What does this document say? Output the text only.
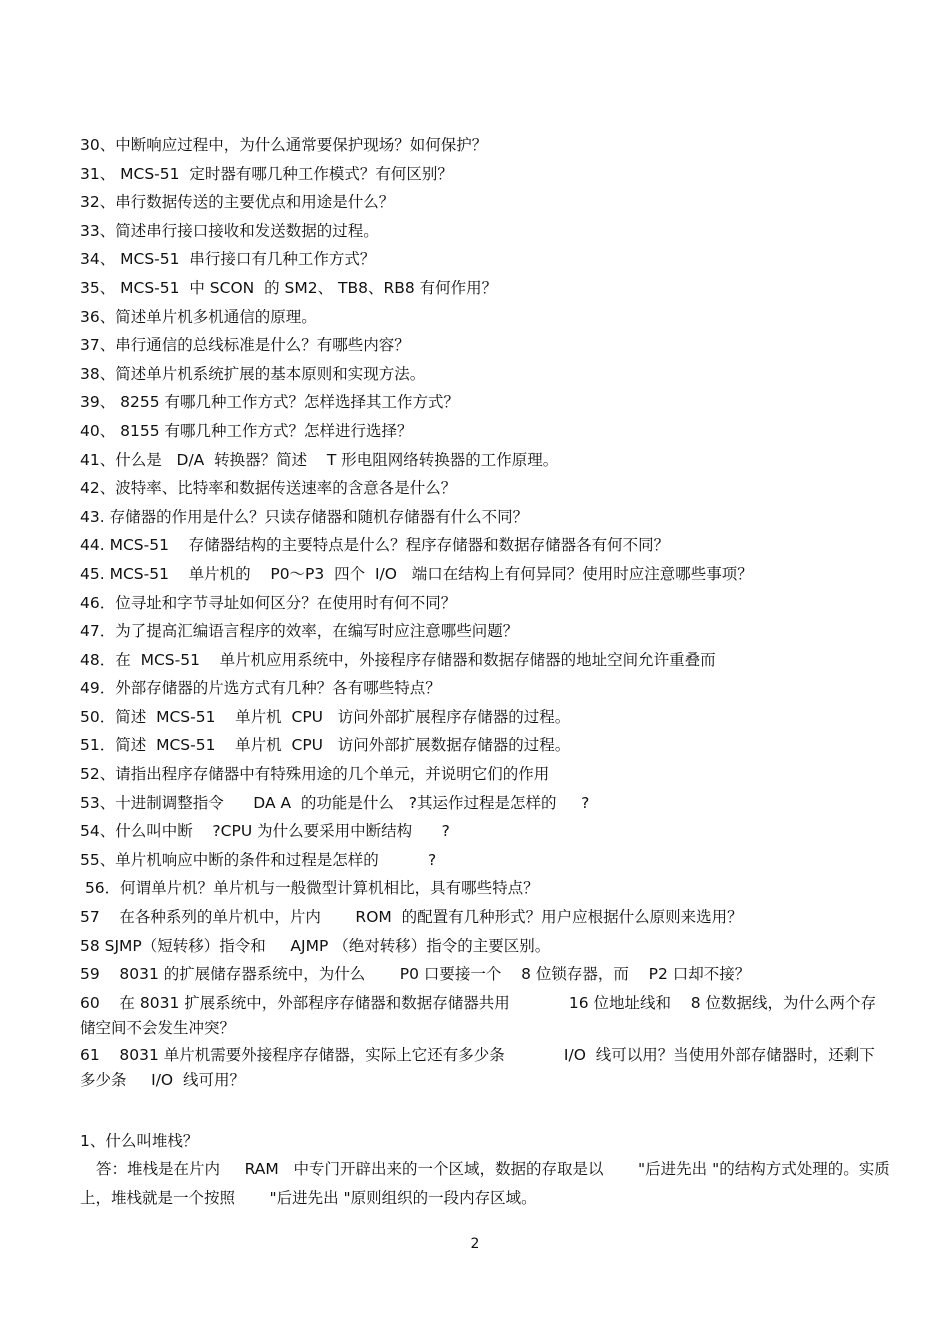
30、中断响应过程中，为什么通常要保护现场？如何保护？

31、 MCS-51  定时器有哪几种工作模式？有何区别？

32、串行数据传送的主要优点和用途是什么？

33、简述串行接口接收和发送数据的过程。

34、 MCS-51  串行接口有几种工作方式？

35、 MCS-51  中 SCON  的 SM2、 TB8、RB8 有何作用？

36、简述单片机多机通信的原理。

37、串行通信的总线标准是什么？有哪些内容？

38、简述单片机系统扩展的基本原则和实现方法。

39、 8255 有哪几种工作方式？怎样选择其工作方式？

40、 8155 有哪几种工作方式？怎样进行选择？

41、什么是   D/A  转换器？简述    T 形电阻网络转换器的工作原理。

42、波特率、比特率和数据传送速率的含意各是什么？

43. 存储器的作用是什么？只读存储器和随机存储器有什么不同？

44. MCS-51    存储器结构的主要特点是什么？程序存储器和数据存储器各有何不同？

45. MCS-51    单片机的    P0～P3  四个  I/O   端口在结构上有何异同？使用时应注意哪些事项？

46．位寻址和字节寻址如何区分？在使用时有何不同？

47．为了提高汇编语言程序的效率，在编写时应注意哪些问题？

48．在  MCS-51    单片机应用系统中，外接程序存储器和数据存储器的地址空间允许重叠而

49．外部存储器的片选方式有几种？各有哪些特点？

50．简述  MCS-51    单片机  CPU   访问外部扩展程序存储器的过程。

51．简述  MCS-51    单片机  CPU   访问外部扩展数据存储器的过程。

52、请指出程序存储器中有特殊用途的几个单元，并说明它们的作用

53、十进制调整指令      DA A  的功能是什么   ?其运作过程是怎样的     ?

54、什么叫中断    ?CPU 为什么要采用中断结构      ?

55、单片机响应中断的条件和过程是怎样的          ?

56．何谓单片机？单片机与一般微型计算机相比，具有哪些特点？

57    在各种系列的单片机中，片内       ROM  的配置有几种形式？用户应根据什么原则来选用？

58 SJMP（短转移）指令和     AJMP （绝对转移）指令的主要区别。

59    8031 的扩展储存器系统中，为什么       P0 口要接一个    8 位锁存器，而    P2 口却不接？

60    在 8031 扩展系统中，外部程序存储器和数据存储器共用            16 位地址线和    8 位数据线，为什么两个存储空间不会发生冲突？

61    8031 单片机需要外接程序存储器，实际上它还有多少条            I/O  线可以用？当使用外部存储器时，还剩下多少条     I/O  线可用？

1、什么叫堆栈？

答：堆栈是在片内     RAM   中专门开辟出来的一个区域，数据的存取是以       "后进先出 "的结构方式处理的。实质上，堆栈就是一个按照       "后进先出 "原则组织的一段内存区域。

2
